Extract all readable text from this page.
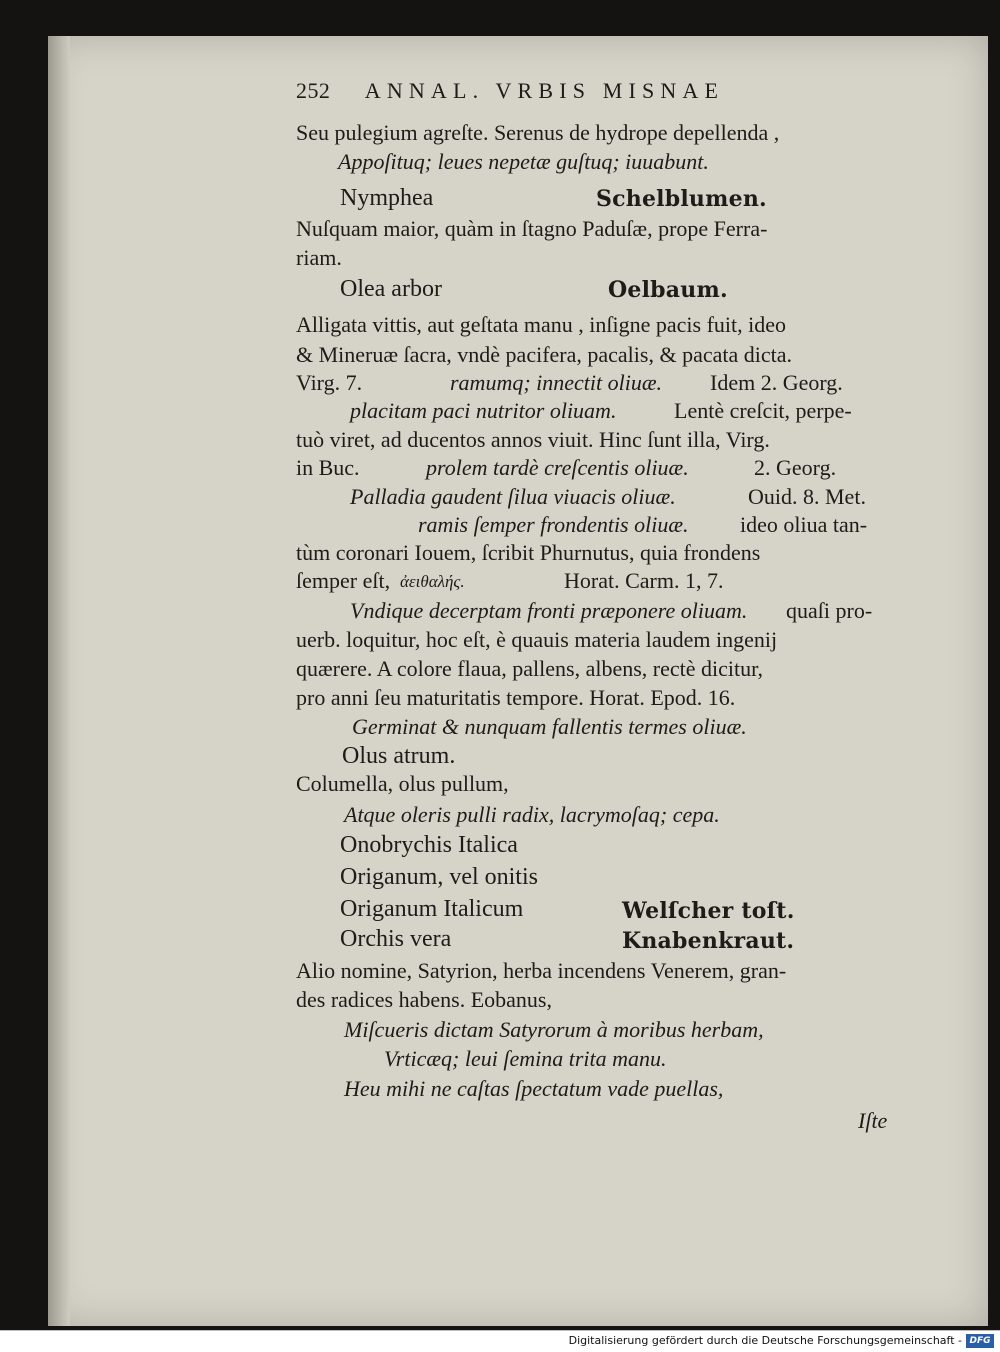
252 ANNAL. VRBIS MISNAE
Seu pulegium agreſte. Serenus de hydrope depellenda ,
Appoſituq; leues nepetæ guſtuq; iuuabunt.
Nymphea	Schelblumen.
Nuſquam maior, quàm in ſtagno Paduſæ, prope Ferra-
riam.
Olea arbor	Oelbaum.
Alligata vittis, aut geſtata manu , inſigne pacis fuit, ideo
& Mineruæ ſacra, vndè pacifera, pacalis, & pacata dicta.
Virg. 7.	ramumq; innectit oliuæ. Idem 2. Georg.
placitam paci nutritor oliuam.	Lentè creſcit, perpe-
tuò viret, ad ducentos annos viuit. Hinc ſunt illa, Virg.
in Buc.	prolem tardè creſcentis oliuæ.	2. Georg.
Palladia gaudent ſilua viuacis oliuæ.	Ouid. 8. Met.
ramis ſemper frondentis oliuæ. ideo oliua tan-
tùm coronari Iouem, ſcribit Phurnutus, quia frondens
ſemper eſt, ἀειθαλής.	Horat. Carm. 1, 7.
Vndique decerptam fronti præponere oliuam. quaſi pro-
uerb. loquitur, hoc eſt, è quauis materia laudem ingenij
quærere. A colore flaua, pallens, albens, rectè dicitur,
pro anni ſeu maturitatis tempore. Horat. Epod. 16.
Germinat & nunquam fallentis termes oliuæ.
Olus atrum.
Columella, olus pullum,
Atque oleris pulli radix, lacrymoſaq; cepa.
Onobrychis Italica
Origanum, vel onitis
Origanum Italicum	Welſcher toſt.
Orchis vera	Knabenkraut.
Alio nomine, Satyrion, herba incendens Venerem, gran-
des radices habens. Eobanus,
Miſcueris dictam Satyrorum à moribus herbam,
Vrticæq; leui ſemina trita manu.
Heu mihi ne caſtas ſpectatum vade puellas,
Iſte
Digitalisierung gefördert durch die Deutsche Forschungsgemeinschaft - DFG
